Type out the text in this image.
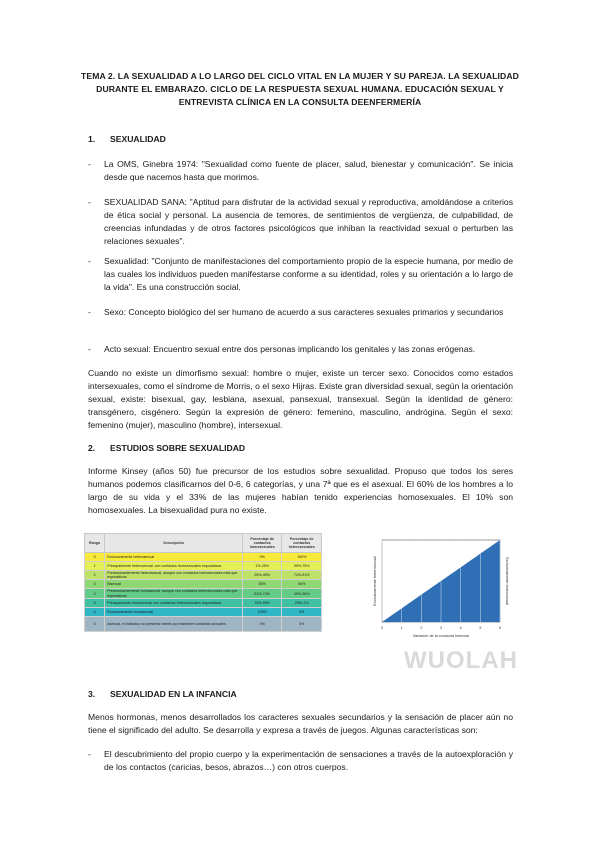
TEMA 2. LA SEXUALIDAD A LO LARGO DEL CICLO VITAL EN LA MUJER Y SU PAREJA. LA SEXUALIDAD DURANTE EL EMBARAZO. CICLO DE LA RESPUESTA SEXUAL HUMANA. EDUCACIÓN SEXUAL Y ENTREVISTA CLÍNICA EN LA CONSULTA DEENFERMERÍA
1. SEXUALIDAD
- La OMS, Ginebra 1974: "Sexualidad como fuente de placer, salud, bienestar y comunicación". Se inicia desde que nacemos hasta que morimos.
- SEXUALIDAD SANA: "Aptitud para disfrutar de la actividad sexual y reproductiva, amoldándose a criterios de ética social y personal. La ausencia de temores, de sentimientos de vergüenza, de culpabilidad, de creencias infundadas y de otros factores psicológicos que inhiban la reactividad sexual o perturben las relaciones sexuales".
- Sexualidad: "Conjunto de manifestaciones del comportamiento propio de la especie humana, por medio de las cuales los individuos pueden manifestarse conforme a su identidad, roles y su orientación a lo largo de la vida". Es una construcción social.
- Sexo: Concepto biológico del ser humano de acuerdo a sus caracteres sexuales primarios y secundarios
- Acto sexual: Encuentro sexual entre dos personas implicando los genitales y las zonas erógenas.
Cuando no existe un dimorfismo sexual: hombre o mujer, existe un tercer sexo. Conocidos como estados intersexuales, como el síndrome de Morris, o el sexo Hijras. Existe gran diversidad sexual, según la orientación sexual, existe: bisexual, gay, lesbiana, asexual, pansexual, transexual. Según la identidad de género: transgénero, cisgénero. Según la expresión de género: femenino, masculino, andrógina. Según el sexo: femenino (mujer), masculino (hombre), intersexual.
2. ESTUDIOS SOBRE SEXUALIDAD
Informe Kinsey (años 50) fue precursor de los estudios sobre sexualidad. Propuso que todos los seres humanos podemos clasificarnos del 0-6, 6 categorías, y una 7ª que es el asexual. El 60% de los hombres a lo largo de su vida y el 33% de las mujeres habían tenido experiencias homosexuales. El 10% son homosexuales. La bisexualidad pura no existe.
Rango	Descripción	Porcentaje de contactos homosexuales	Porcentaje de contactos heterosexuales
0	Exclusivamente heterosexual	0%	100%
1	Principalmente heterosexual, con contactos homosexuales esporádicos	1%-25%	99%-75%
2	Predominantemente heterosexual, aunque con contactos homosexuales más que esporádicos	26%-49%	74%-51%
3	Bisexual	50%	50%
4	Predominantemente homosexual, aunque con contactos heterosexuales más que esporádicos	51%-74%	49%-26%
5	Principalmente homosexual, con contactos heterosexuales esporádicos	75%-99%	25%-1%
6	Exclusivamente homosexual	100%	0%
X	Asexual, el individuo no presenta interés por mantener contactos sexuales	0%	0%
0	1	2	3	4	5	6
Variación de la conducta bisexual
Exclusivamente heterosexual	Exclusivamente homosexual
WUOLAH
3. SEXUALIDAD EN LA INFANCIA
Menos hormonas, menos desarrollados los caracteres sexuales secundarios y la sensación de placer aún no tiene el significado del adulto. Se desarrolla y expresa a través de juegos. Algunas características son:
- El descubrimiento del propio cuerpo y la experimentación de sensaciones a través de la autoexploración y de los contactos (caricias, besos, abrazos…) con otros cuerpos.
